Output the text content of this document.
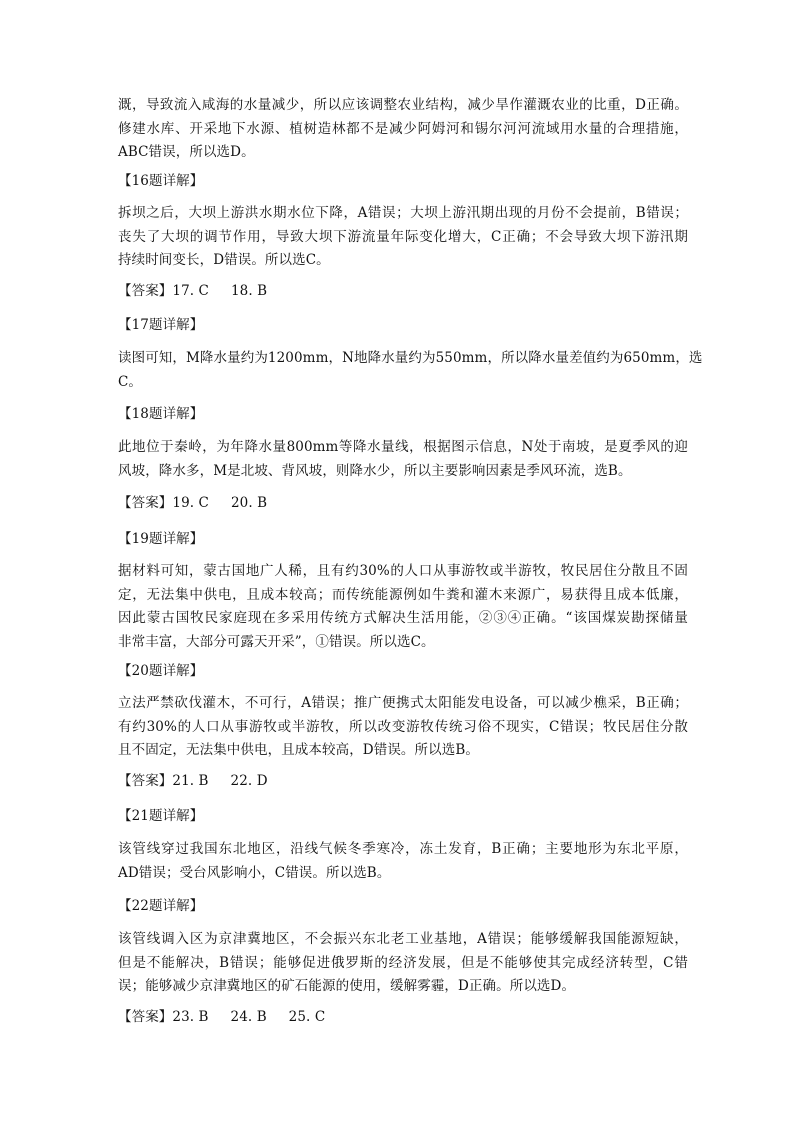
溉，导致流入咸海的水量减少，所以应该调整农业结构，减少旱作灌溉农业的比重，D正确。
修建水库、开采地下水源、植树造林都不是减少阿姆河和锡尔河河流域用水量的合理措施，
ABC错误，所以选D。
【16题详解】
拆坝之后，大坝上游洪水期水位下降，A错误；大坝上游汛期出现的月份不会提前，B错误；
丧失了大坝的调节作用，导致大坝下游流量年际变化增大，C正确；不会导致大坝下游汛期
持续时间变长，D错误。所以选C。
【答案】17. C     18. B
【17题详解】
读图可知，M降水量约为1200mm，N地降水量约为550mm，所以降水量差值约为650mm，选
C。
【18题详解】
此地位于秦岭，为年降水量800mm等降水量线，根据图示信息，N处于南坡，是夏季风的迎
风坡，降水多，M是北坡、背风坡，则降水少，所以主要影响因素是季风环流，选B。
【答案】19. C     20. B
【19题详解】
据材料可知，蒙古国地广人稀，且有约30%的人口从事游牧或半游牧，牧民居住分散且不固
定，无法集中供电，且成本较高；而传统能源例如牛粪和灌木来源广，易获得且成本低廉，
因此蒙古国牧民家庭现在多采用传统方式解决生活用能，②③④正确。“该国煤炭勘探储量
非常丰富，大部分可露天开采”，①错误。所以选C。
【20题详解】
立法严禁砍伐灌木，不可行，A错误；推广便携式太阳能发电设备，可以减少樵采，B正确；
有约30%的人口从事游牧或半游牧，所以改变游牧传统习俗不现实，C错误；牧民居住分散
且不固定，无法集中供电，且成本较高，D错误。所以选B。
【答案】21. B     22. D
【21题详解】
该管线穿过我国东北地区，沿线气候冬季寒冷，冻土发育，B正确；主要地形为东北平原，
AD错误；受台风影响小，C错误。所以选B。
【22题详解】
该管线调入区为京津冀地区，不会振兴东北老工业基地，A错误；能够缓解我国能源短缺，
但是不能解决，B错误；能够促进俄罗斯的经济发展，但是不能够使其完成经济转型，C错
误；能够减少京津冀地区的矿石能源的使用，缓解雾霾，D正确。所以选D。
【答案】23. B     24. B     25. C
